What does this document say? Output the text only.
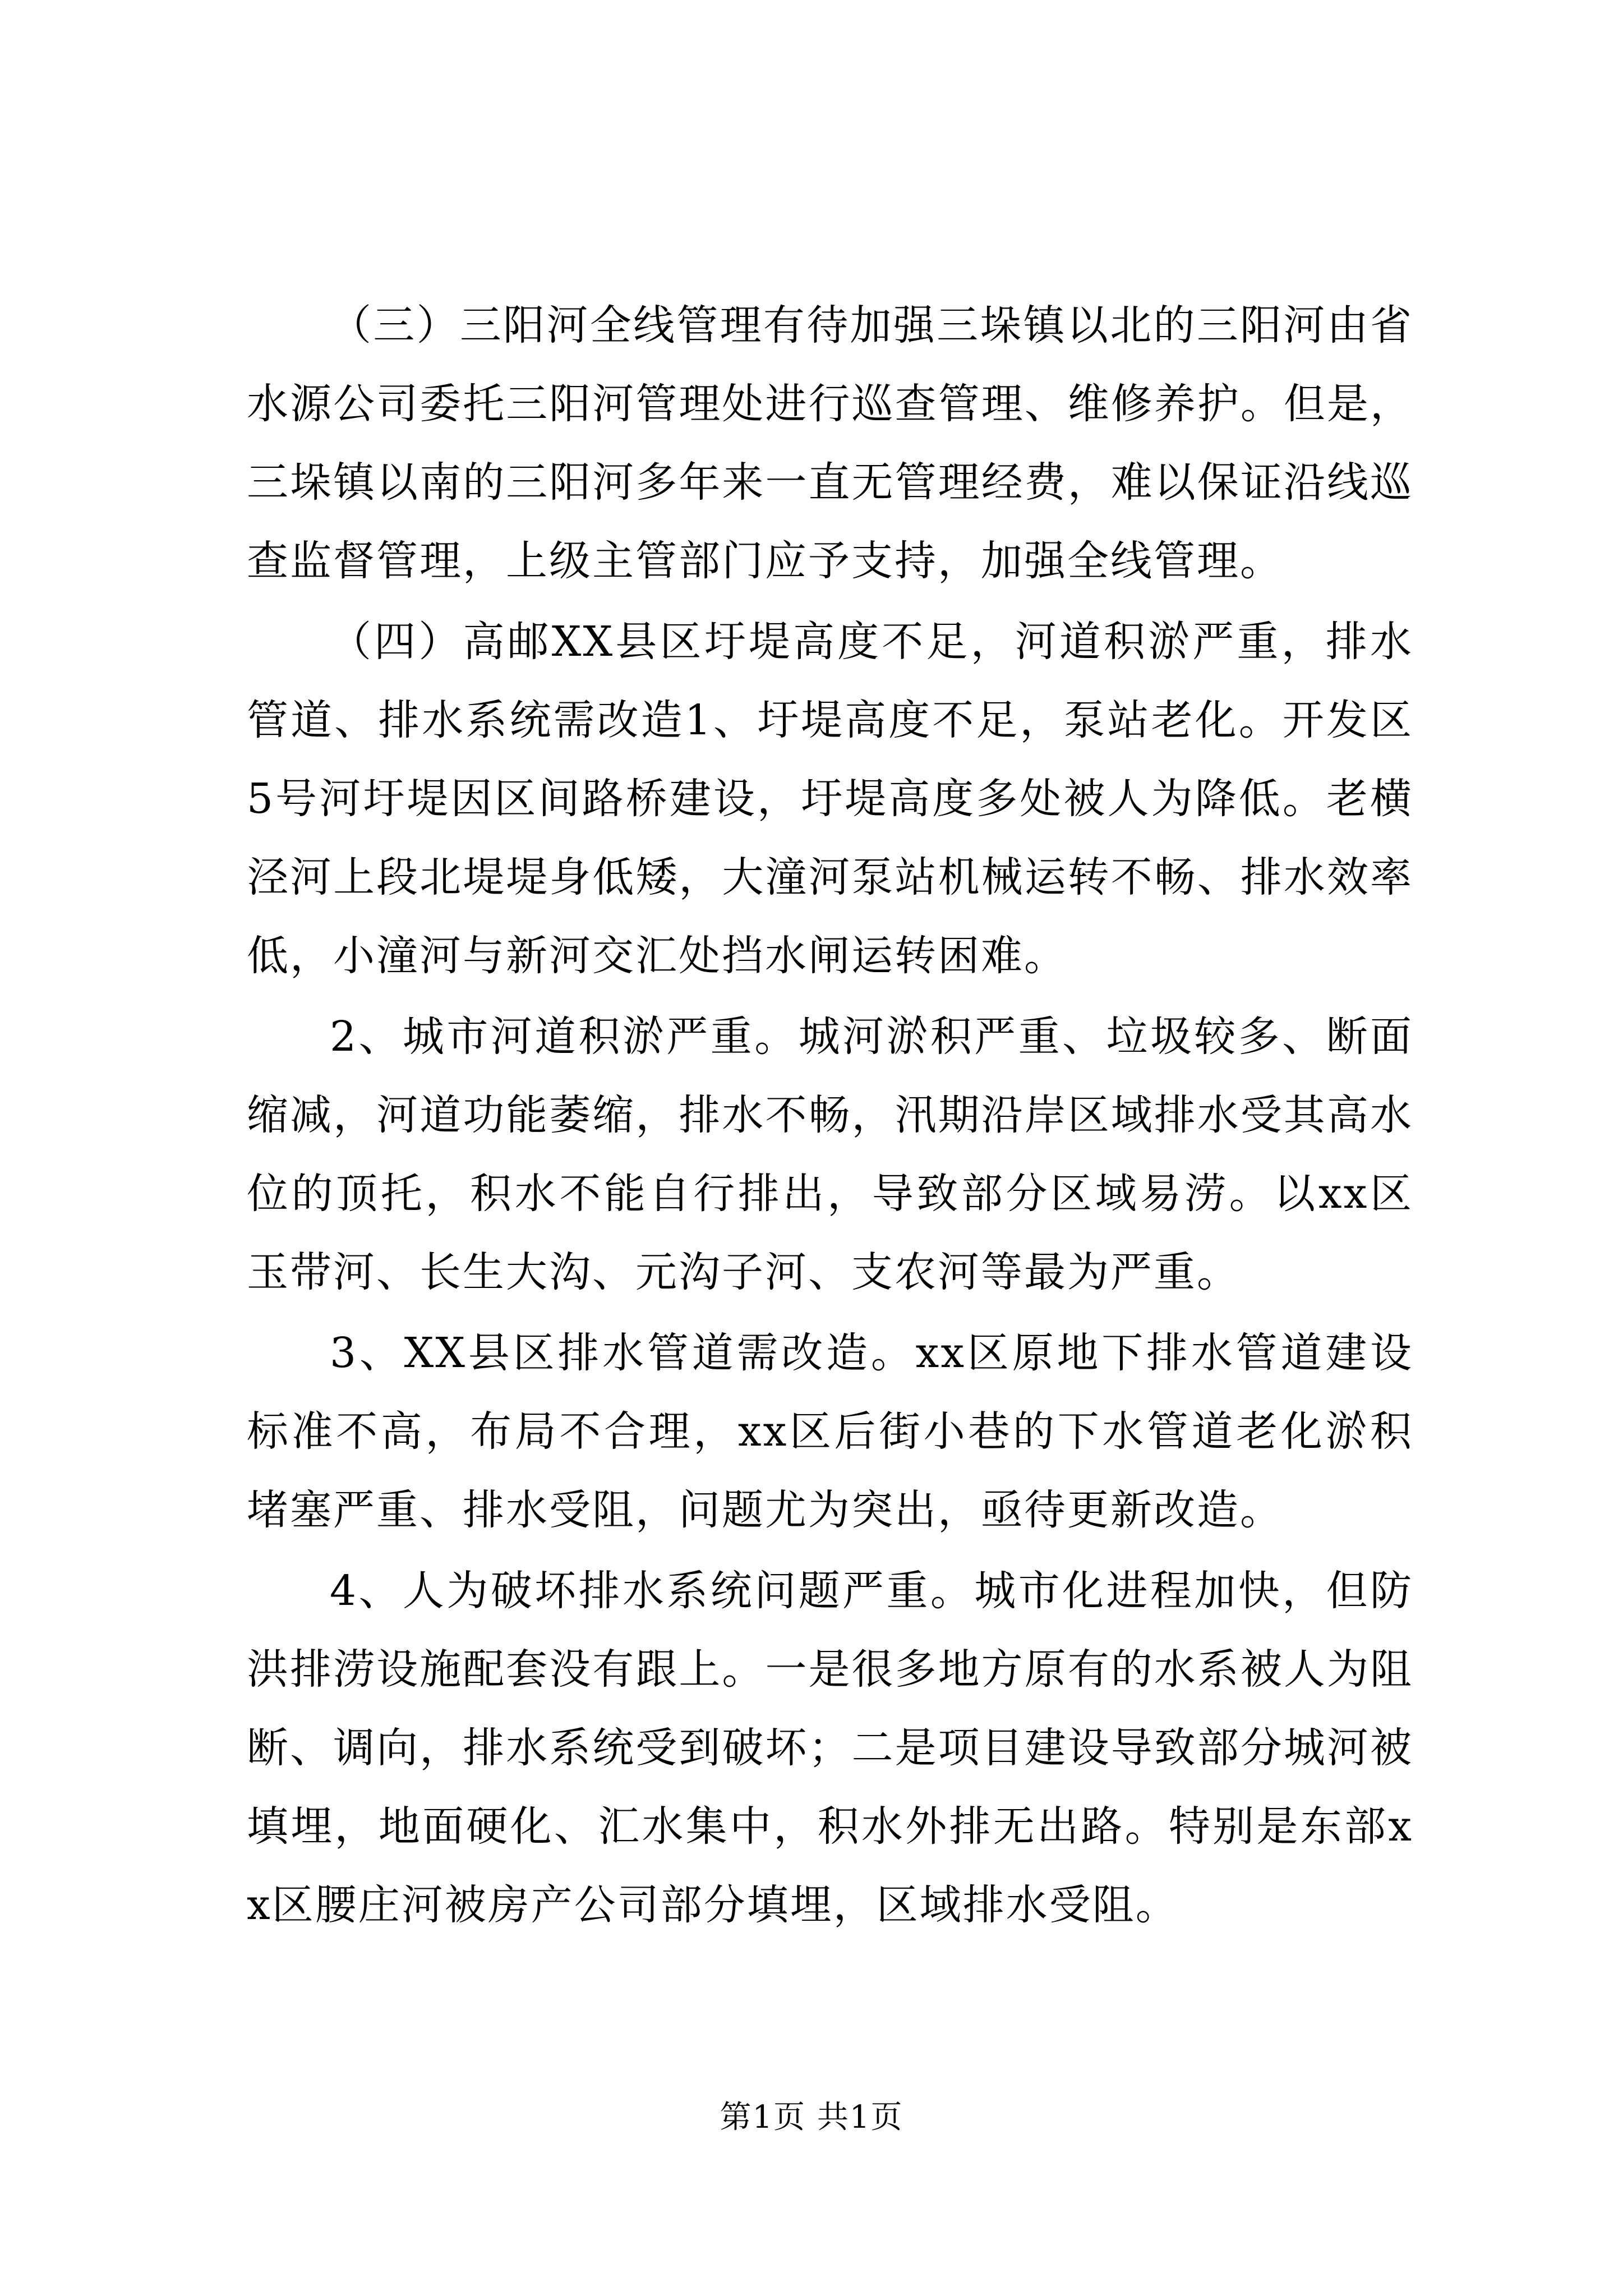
（三）三阳河全线管理有待加强三垛镇以北的三阳河由省水源公司委托三阳河管理处进行巡查管理、维修养护。但是，三垛镇以南的三阳河多年来一直无管理经费，难以保证沿线巡查监督管理，上级主管部门应予支持，加强全线管理。

（四）高邮XX县区圩堤高度不足，河道积淤严重，排水管道、排水系统需改造1、圩堤高度不足，泵站老化。开发区5号河圩堤因区间路桥建设，圩堤高度多处被人为降低。老横泾河上段北堤堤身低矮，大潼河泵站机械运转不畅、排水效率低，小潼河与新河交汇处挡水闸运转困难。

2、城市河道积淤严重。城河淤积严重、垃圾较多、断面缩减，河道功能萎缩，排水不畅，汛期沿岸区域排水受其高水位的顶托，积水不能自行排出，导致部分区域易涝。以xx区玉带河、长生大沟、元沟子河、支农河等最为严重。

3、XX县区排水管道需改造。xx区原地下排水管道建设标准不高，布局不合理，xx区后街小巷的下水管道老化淤积堵塞严重、排水受阻，问题尤为突出，亟待更新改造。

4、人为破坏排水系统问题严重。城市化进程加快，但防洪排涝设施配套没有跟上。一是很多地方原有的水系被人为阻断、调向，排水系统受到破坏；二是项目建设导致部分城河被填埋，地面硬化、汇水集中，积水外排无出路。特别是东部xx区腰庄河被房产公司部分填埋，区域排水受阻。

第1页 共1页
